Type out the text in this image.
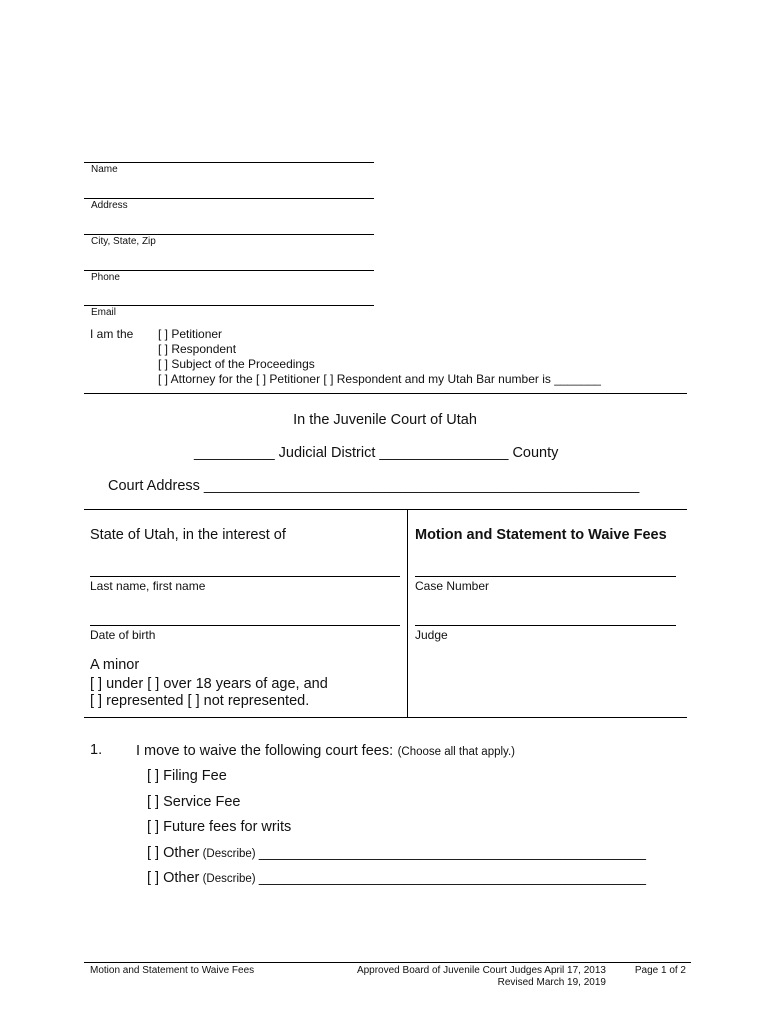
Name
Address
City, State, Zip
Phone
Email
I am the [ ] Petitioner
[ ] Respondent
[ ] Subject of the Proceedings
[ ] Attorney for the [ ] Petitioner [ ] Respondent and my Utah Bar number is _______
In the Juvenile Court of Utah
__________ Judicial District ________________ County
Court Address ______________________________________________________
State of Utah, in the interest of
Last name, first name
Date of birth
A minor
[ ] under [ ] over 18 years of age, and
[ ] represented [ ] not represented.
Motion and Statement to Waive Fees
Case Number
Judge
1. I move to waive the following court fees: (Choose all that apply.)
[ ] Filing Fee
[ ] Service Fee
[ ] Future fees for writs
[ ] Other (Describe) ________________________________________________
[ ] Other (Describe) ________________________________________________
Motion and Statement to Waive Fees	Approved Board of Juvenile Court Judges April 17, 2013
Revised March 19, 2019
Page 1 of 2
